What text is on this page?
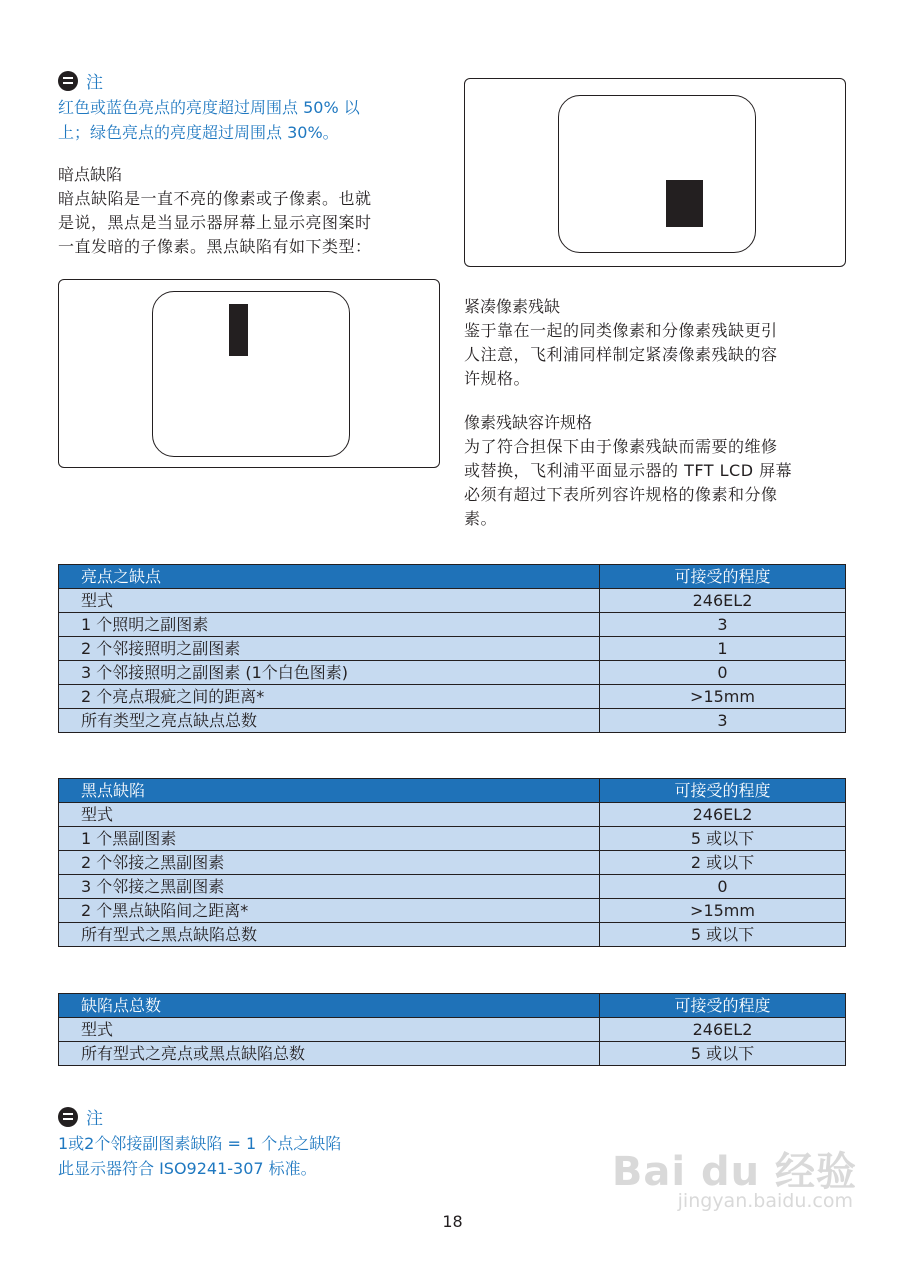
注
红色或蓝色亮点的亮度超过周围点 50% 以
上；绿色亮点的亮度超过周围点 30%。
暗点缺陷
暗点缺陷是一直不亮的像素或子像素。也就
是说，黑点是当显示器屏幕上显示亮图案时
一直发暗的子像素。黑点缺陷有如下类型：
紧凑像素残缺
鉴于靠在一起的同类像素和分像素残缺更引
人注意，飞利浦同样制定紧凑像素残缺的容
许规格。
像素残缺容许规格
为了符合担保下由于像素残缺而需要的维修
或替换，飞利浦平面显示器的 TFT LCD 屏幕
必须有超过下表所列容许规格的像素和分像
素。
亮点之缺点	可接受的程度
型式	246EL2
1 个照明之副图素	3
2 个邻接照明之副图素	1
3 个邻接照明之副图素 (1个白色图素)	0
2 个亮点瑕疵之间的距离*	>15mm
所有类型之亮点缺点总数	3
黑点缺陷	可接受的程度
型式	246EL2
1 个黑副图素	5 或以下
2 个邻接之黑副图素	2 或以下
3 个邻接之黑副图素	0
2 个黑点缺陷间之距离*	>15mm
所有型式之黑点缺陷总数	5 或以下
缺陷点总数	可接受的程度
型式	246EL2
所有型式之亮点或黑点缺陷总数	5 或以下
注
1或2个邻接副图素缺陷 = 1 个点之缺陷
此显示器符合 ISO9241-307 标准。	Bai du 经验
jingyan.baidu.com
18
